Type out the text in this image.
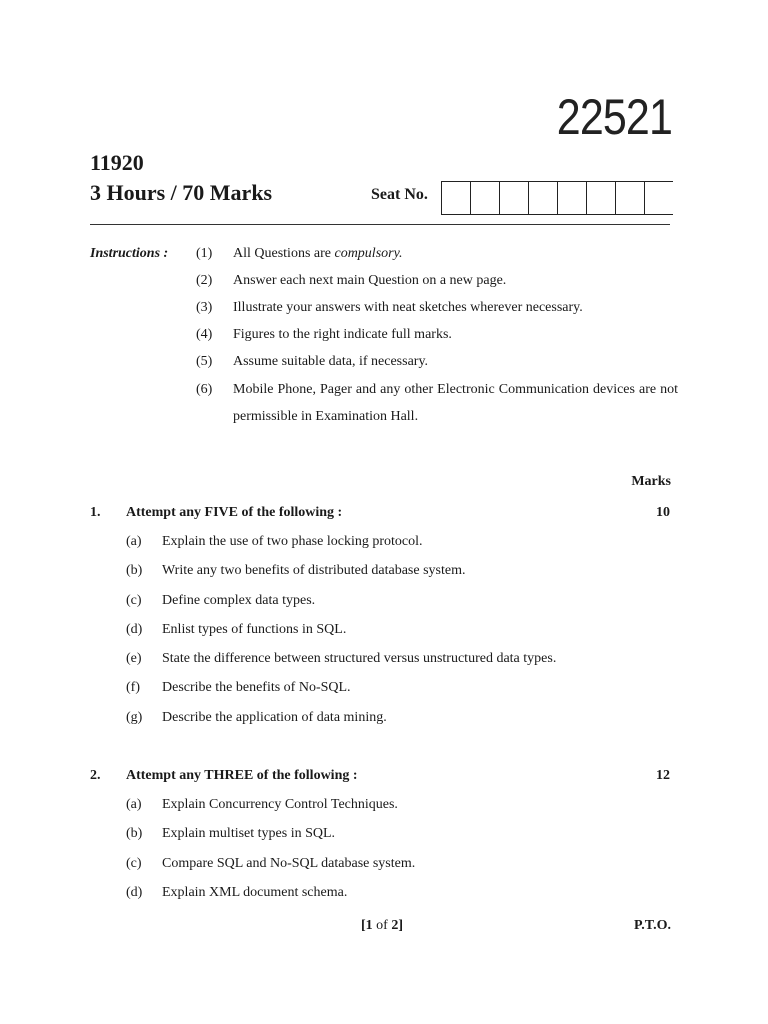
22521
11920
3 Hours / 70 Marks	Seat No.
Instructions : (1)	All Questions are compulsory.
(2)	Answer each next main Question on a new page.
(3)	Illustrate your answers with neat sketches wherever necessary.
(4)	Figures to the right indicate full marks.
(5)	Assume suitable data, if necessary.
(6)	Mobile Phone, Pager and any other Electronic Communication devices are not permissible in Examination Hall.
Marks
1.	Attempt any FIVE of the following :	10
(a)	Explain the use of two phase locking protocol.
(b)	Write any two benefits of distributed database system.
(c)	Define complex data types.
(d)	Enlist types of functions in SQL.
(e)	State the difference between structured versus unstructured data types.
(f)	Describe the benefits of No-SQL.
(g)	Describe the application of data mining.
2.	Attempt any THREE of the following :	12
(a)	Explain Concurrency Control Techniques.
(b)	Explain multiset types in SQL.
(c)	Compare SQL and No-SQL database system.
(d)	Explain XML document schema.
[1 of 2]	P.T.O.
